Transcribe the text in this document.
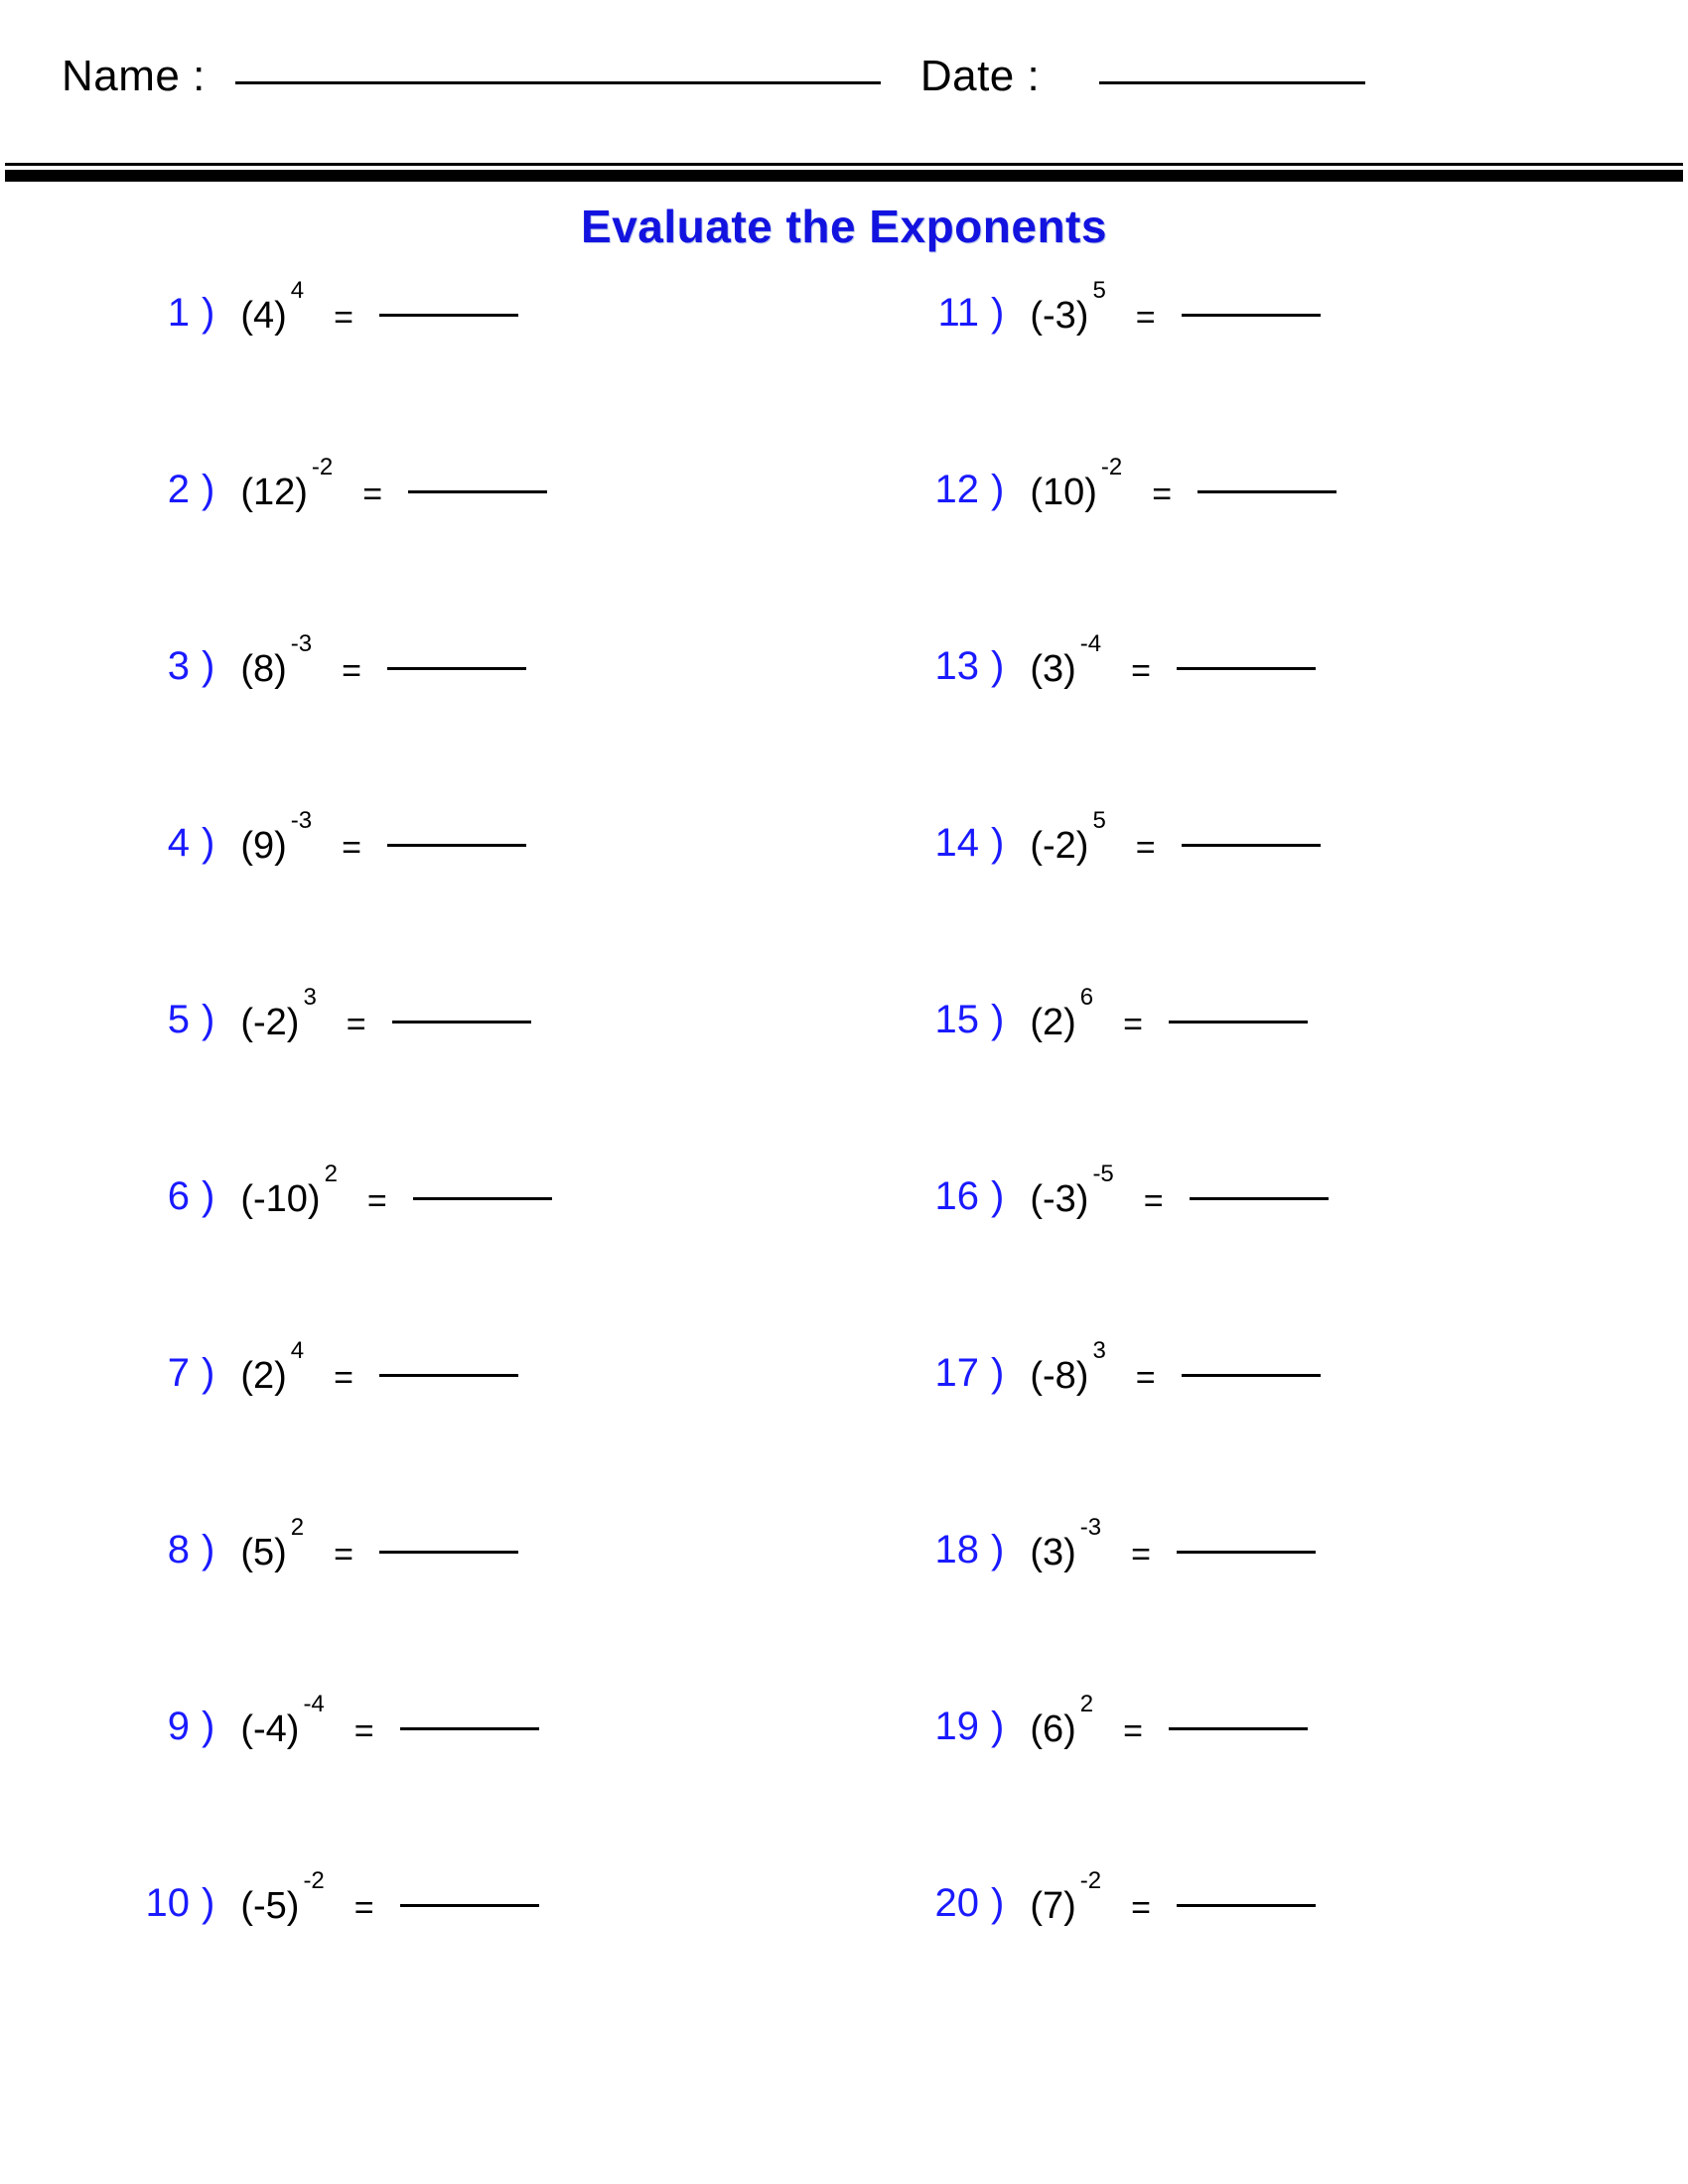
Name :	Date :
Evaluate the Exponents
1 ) (4)
4
=
2 ) (12)
-2
=
3 ) (8)
-3
=
4 ) (9)
-3
=
5 ) (-2)
3
=
6 ) (-10)
2
=
7 ) (2)
4
=
8 ) (5)
2
=
9 ) (-4)
-4
=
10 ) (-5)
-2
=
11 ) (-3)
5
=
12 ) (10)
-2
=
13 ) (3)
-4
=
14 ) (-2)
5
=
15 ) (2)
6
=
16 ) (-3)
-5
=
17 ) (-8)
3
=
18 ) (3)
-3
=
19 ) (6)
2
=
20 ) (7)
-2
=
